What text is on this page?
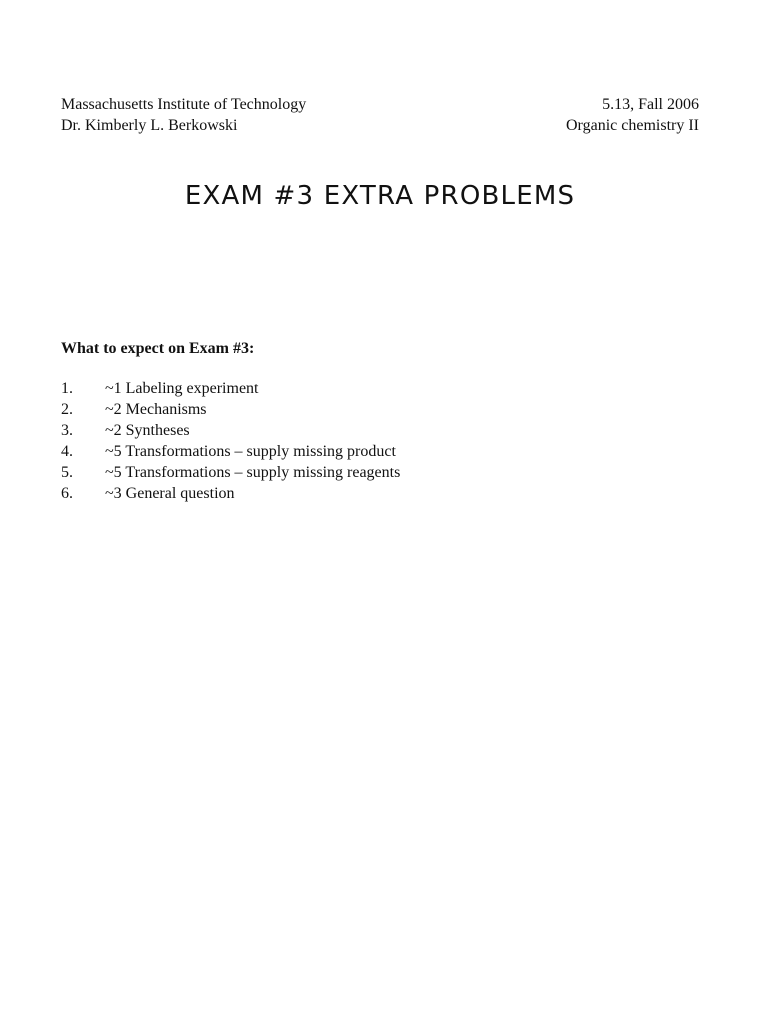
Massachusetts Institute of Technology	5.13, Fall 2006
Dr. Kimberly L. Berkowski	Organic chemistry II
EXAM #3 EXTRA PROBLEMS
What to expect on Exam #3:
1.	~1 Labeling experiment
2.	~2 Mechanisms
3.	~2 Syntheses
4.	~5 Transformations – supply missing product
5.	~5 Transformations – supply missing reagents
6.	~3 General question
